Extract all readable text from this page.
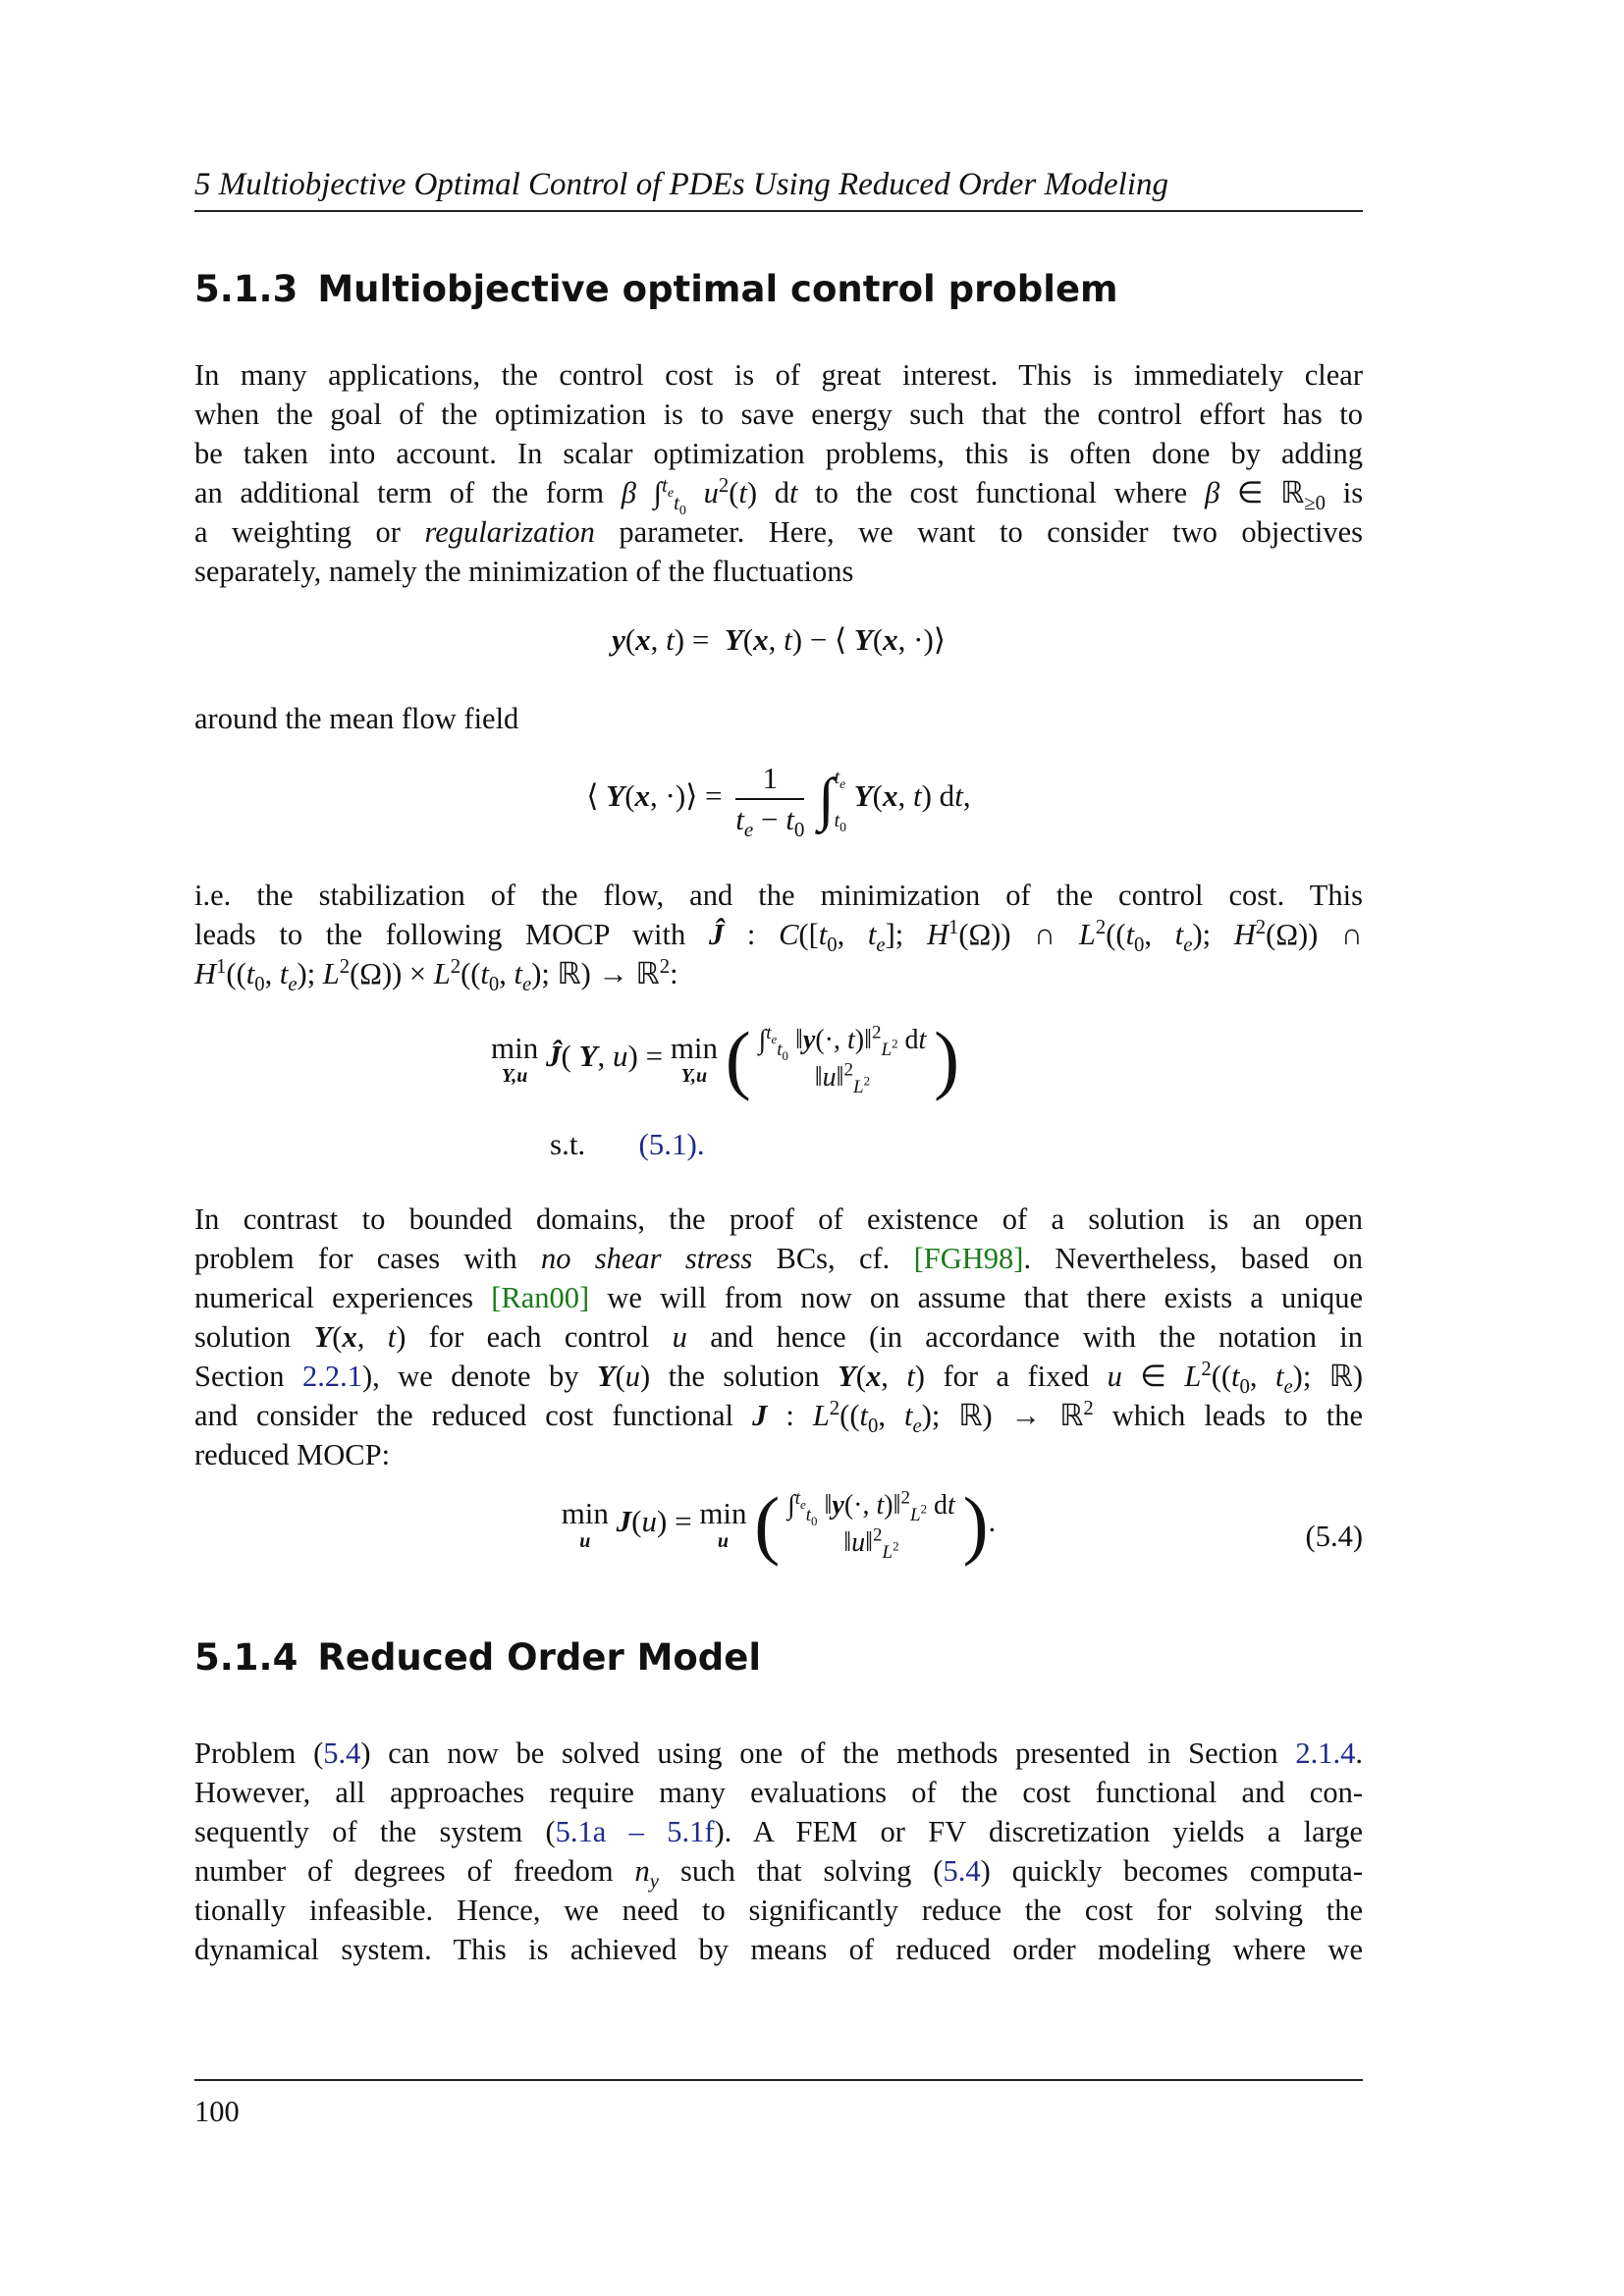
5 Multiobjective Optimal Control of PDEs Using Reduced Order Modeling
5.1.3 Multiobjective optimal control problem
In many applications, the control cost is of great interest. This is immediately clear
when the goal of the optimization is to save energy such that the control effort has to
be taken into account. In scalar optimization problems, this is often done by adding
an additional term of the form β ∫$^{t_e}_{t_0}$ $u^2(t)$ dt to the cost functional where β ∈ ℝ$_{\ge 0}$ is
a weighting or regularization parameter. Here, we want to consider two objectives
separately, namely the minimization of the fluctuations
y(x, t) =  Y(x, t) − ⟨ Y(x, ·)⟩
around the mean flow field
⟨ Y(x, ·)⟩ = $\frac{1}{t_e - t_0} \int t_e$
$t_0$ Y(x, t) dt,
i.e. the stabilization of the flow, and the minimization of the control cost. This
leads to the following MOCP with Ĵ : $C([t_0$, $t_e$]; $H^1(\Omega)$) ∩ $L^2((t_0$, $t_e$); $H^2(\Omega)$) ∩
$H^1((t_0$, $t_e$); $L^2(\Omega)) \times L^2((t_0$, $t_e$); ℝ) → ℝ$^2$:
min
Y,u
Ĵ( Y, u) = min
Y,u ( ∫$^{t_e}_{t_0}$ ‖y(·, t)‖$^2_{L^2}$ dt
‖u‖$^2_{L^2}$ )
s.t. (5.1).
In contrast to bounded domains, the proof of existence of a solution is an open
problem for cases with no shear stress BCs, cf. [FGH98]. Nevertheless, based on
numerical experiences [Ran00] we will from now on assume that there exists a unique
solution Y(x, t) for each control u and hence (in accordance with the notation in
Section 2.2.1), we denote by Y(u) the solution Y(x, t) for a fixed u ∈ $L^2((t_0$, $t_e$); ℝ)
and consider the reduced cost functional J : $L^2((t_0$, $t_e$); ℝ) → ℝ$^2$ which leads to the
reduced MOCP:
min
u
J(u) = min
u ( ∫$^{t_e}_{t_0}$ ‖y(·, t)‖$^2_{L^2}$ dt
‖u‖$^2_{L^2}$ ).	(5.4)
5.1.4 Reduced Order Model
Problem (5.4) can now be solved using one of the methods presented in Section 2.1.4.
However, all approaches require many evaluations of the cost functional and con-
sequently of the system (5.1a – 5.1f). A FEM or FV discretization yields a large
number of degrees of freedom $n_y$ such that solving (5.4) quickly becomes computa-
tionally infeasible. Hence, we need to significantly reduce the cost for solving the
dynamical system. This is achieved by means of reduced order modeling where we
100
